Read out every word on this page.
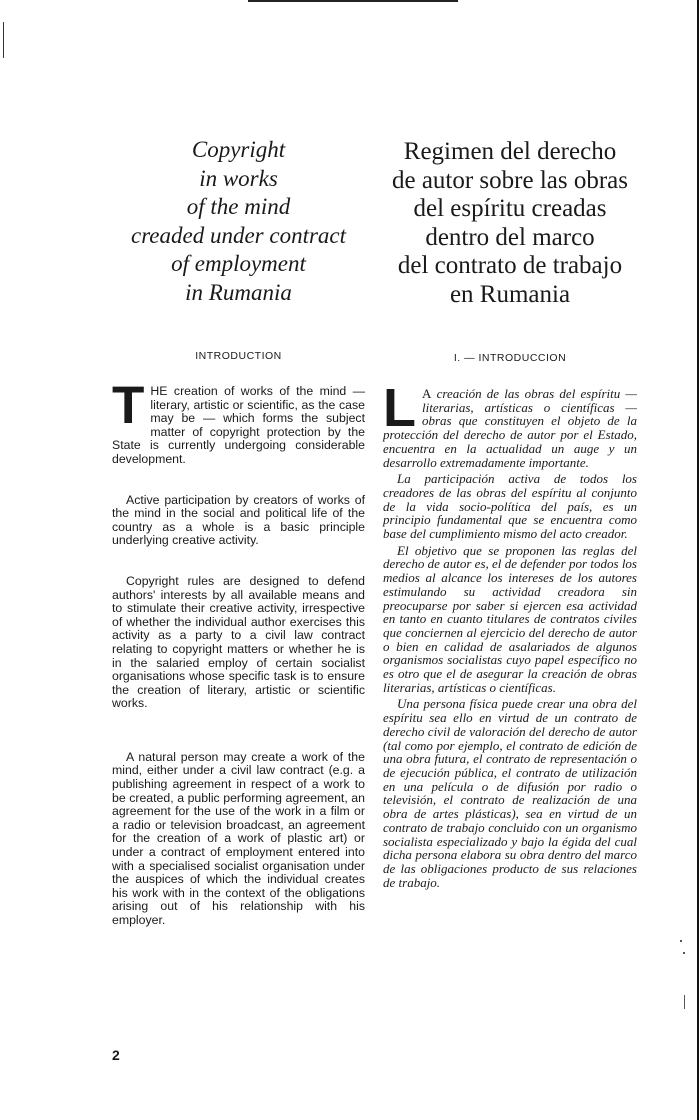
Copyright
in works
of the mind
creaded under contract
of employment
in Rumania
Regimen del derecho
de autor sobre las obras
del espíritu creadas
dentro del marco
del contrato de trabajo
en Rumania
INTRODUCTION	I. — INTRODUCCION

THE creation of works of the mind — literary, artistic or scientific, as the case may be — which forms the subject matter of copyright protection by the State is currently undergoing considerable development.

Active participation by creators of works of the mind in the social and political life of the country as a whole is a basic principle underlying creative activity.

Copyright rules are designed to defend authors' interests by all available means and to stimulate their creative activity, irrespective of whether the individual author exercises this activity as a party to a civil law contract relating to copyright matters or whether he is in the salaried employ of certain socialist organisations whose specific task is to ensure the creation of literary, artistic or scientific works.

A natural person may create a work of the mind, either under a civil law contract (e.g. a publishing agreement in respect of a work to be created, a public performing agreement, an agreement for the use of the work in a film or a radio or television broadcast, an agreement for the creation of a work of plastic art) or under a contract of employment entered into with a specialised socialist organisation under the auspices of which the individual creates his work with in the context of the obligations arising out of his relationship with his employer.

L A creación de las obras del espíritu — literarias, artísticas o científicas — obras que constituyen el objeto de la protección del derecho de autor por el Estado, encuentra en la actualidad un auge y un desarrollo extremadamente importante.

La participación activa de todos los creadores de las obras del espíritu al conjunto de la vida socio-política del país, es un principio fundamental que se encuentra como base del cumplimiento mismo del acto creador.

El objetivo que se proponen las reglas del derecho de autor es, el de defender por todos los medios al alcance los intereses de los autores estimulando su actividad creadora sin preocuparse por saber si ejercen esa actividad en tanto en cuanto titulares de contratos civiles que conciernen al ejercicio del derecho de autor o bien en calidad de asalariados de algunos organismos socialistas cuyo papel específico no es otro que el de asegurar la creación de obras literarias, artísticas o científicas.

Una persona física puede crear una obra del espíritu sea ello en virtud de un contrato de derecho civil de valoración del derecho de autor (tal como por ejemplo, el contrato de edición de una obra futura, el contrato de representación o de ejecución pública, el contrato de utilización en una película o de difusión por radio o televisión, el contrato de realización de una obra de artes plásticas), sea en virtud de un contrato de trabajo concluido con un organismo socialista especializado y bajo la égida del cual dicha persona elabora su obra dentro del marco de las obligaciones producto de sus relaciones de trabajo.

2
